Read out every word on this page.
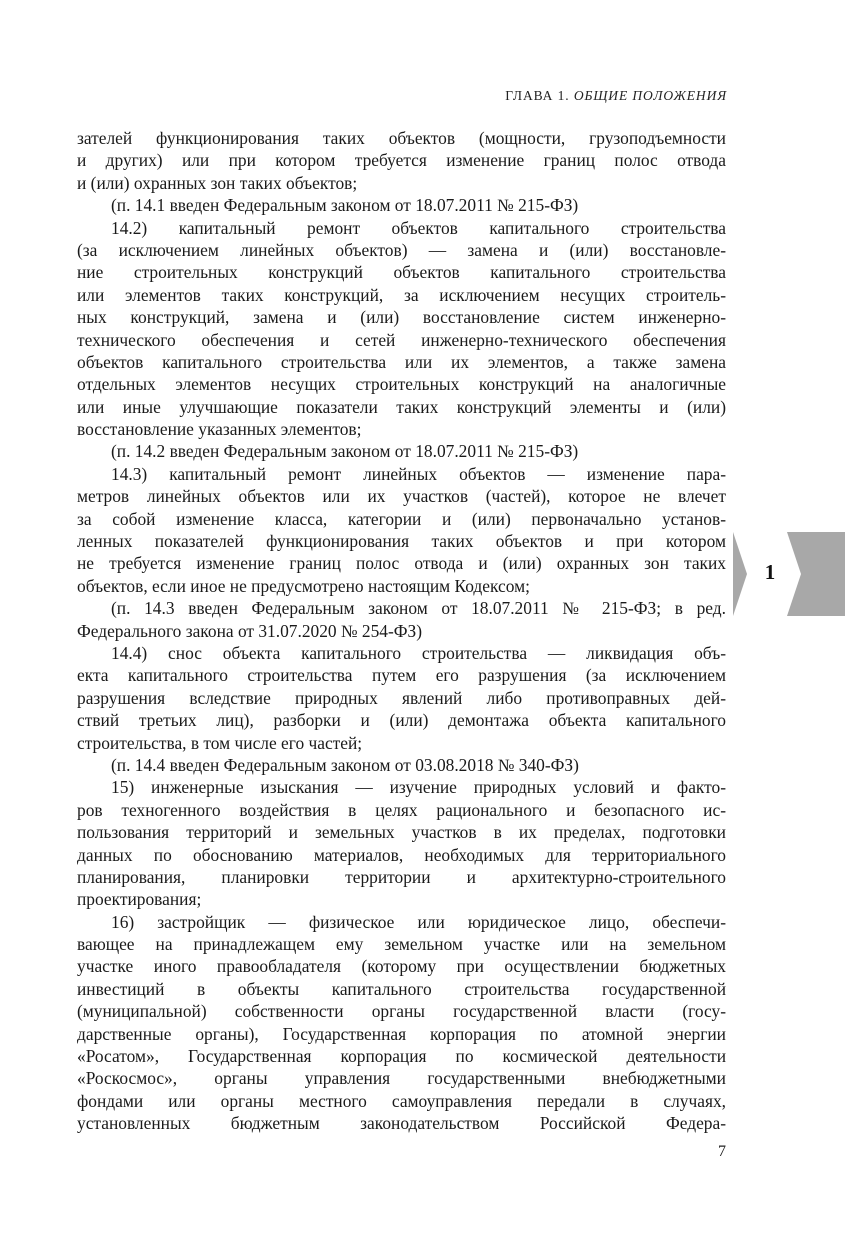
ГЛАВА 1. ОБЩИЕ ПОЛОЖЕНИЯ
1
зателей функционирования таких объектов (мощности, грузоподъемности
и других) или при котором требуется изменение границ полос отвода
и (или) охранных зон таких объектов;
(п. 14.1 введен Федеральным законом от 18.07.2011 № 215-ФЗ)
14.2) капитальный ремонт объектов капитального строительства
(за исключением линейных объектов) — замена и (или) восстановле-
ние строительных конструкций объектов капитального строительства
или элементов таких конструкций, за исключением несущих строитель-
ных конструкций, замена и (или) восстановление систем инженерно-
технического обеспечения и сетей инженерно-технического обеспечения
объектов капитального строительства или их элементов, а также замена
отдельных элементов несущих строительных конструкций на аналогичные
или иные улучшающие показатели таких конструкций элементы и (или)
восстановление указанных элементов;
(п. 14.2 введен Федеральным законом от 18.07.2011 № 215-ФЗ)
14.3) капитальный ремонт линейных объектов — изменение пара-
метров линейных объектов или их участков (частей), которое не влечет
за собой изменение класса, категории и (или) первоначально установ-
ленных показателей функционирования таких объектов и при котором
не требуется изменение границ полос отвода и (или) охранных зон таких
объектов, если иное не предусмотрено настоящим Кодексом;
(п. 14.3 введен Федеральным законом от 18.07.2011 № 215-ФЗ; в ред.
Федерального закона от 31.07.2020 № 254-ФЗ)
14.4) снос объекта капитального строительства — ликвидация объ-
екта капитального строительства путем его разрушения (за исключением
разрушения вследствие природных явлений либо противоправных дей-
ствий третьих лиц), разборки и (или) демонтажа объекта капитального
строительства, в том числе его частей;
(п. 14.4 введен Федеральным законом от 03.08.2018 № 340-ФЗ)
15) инженерные изыскания — изучение природных условий и факто-
ров техногенного воздействия в целях рационального и безопасного ис-
пользования территорий и земельных участков в их пределах, подготовки
данных по обоснованию материалов, необходимых для территориального
планирования, планировки территории и архитектурно-строительного
проектирования;
16) застройщик — физическое или юридическое лицо, обеспечи-
вающее на принадлежащем ему земельном участке или на земельном
участке иного правообладателя (которому при осуществлении бюджетных
инвестиций в объекты капитального строительства государственной
(муниципальной) собственности органы государственной власти (госу-
дарственные органы), Государственная корпорация по атомной энергии
«Росатом», Государственная корпорация по космической деятельности
«Роскосмос», органы управления государственными внебюджетными
фондами или органы местного самоуправления передали в случаях,
установленных бюджетным законодательством Российской Федера-
7
